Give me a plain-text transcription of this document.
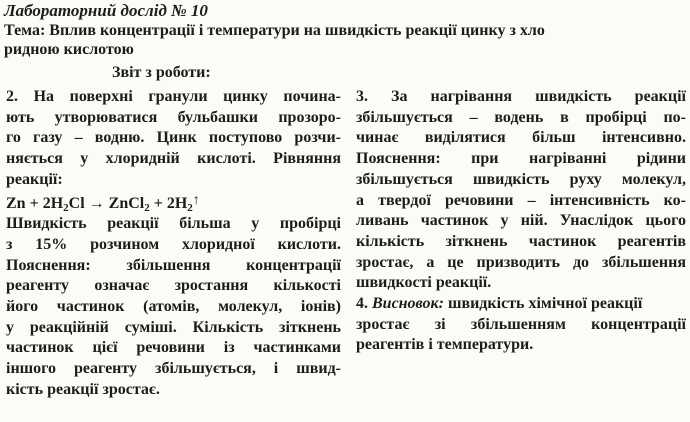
Лабораторний дослід № 10
Тема: Вплив концентрації і температури на швидкість реакції цинку з хло
ридною кислотою
Звіт з роботи:
2. На поверхні гранули цинку почина-
ють утворюватися бульбашки прозоро-
го газу – водню. Цинк поступово розчи-
няється у хлоридній кислоті. Рівняння
реакції:
$Zn + 2H_2Cl$ → ZnCl$_2$ + $2H_2↑$
Швидкість реакції більша у пробірці
з 15% розчином хлоридної кислоти.
Пояснення: збільшення концентрації
реагенту означає зростання кількості
його частинок (атомів, молекул, іонів)
у реакційній суміші. Кількість зіткнень
частинок цієї речовини із частинками
іншого реагенту збільшується, і швид-
кість реакції зростає.
3. За нагрівання швидкість реакції
збільшується – водень в пробірці по-
чинає виділятися більш інтенсивно.
Пояснення: при нагріванні рідини
збільшується швидкість руху молекул,
а твердої речовини – інтенсивність ко-
ливань частинок у ній. Унаслідок цього
кількість зіткнень частинок реагентів
зростає, а це призводить до збільшення
швидкості реакції.
4. Висновок: швидкість хімічної реакції
зростає зі збільшенням концентрації
реагентів і температури.
